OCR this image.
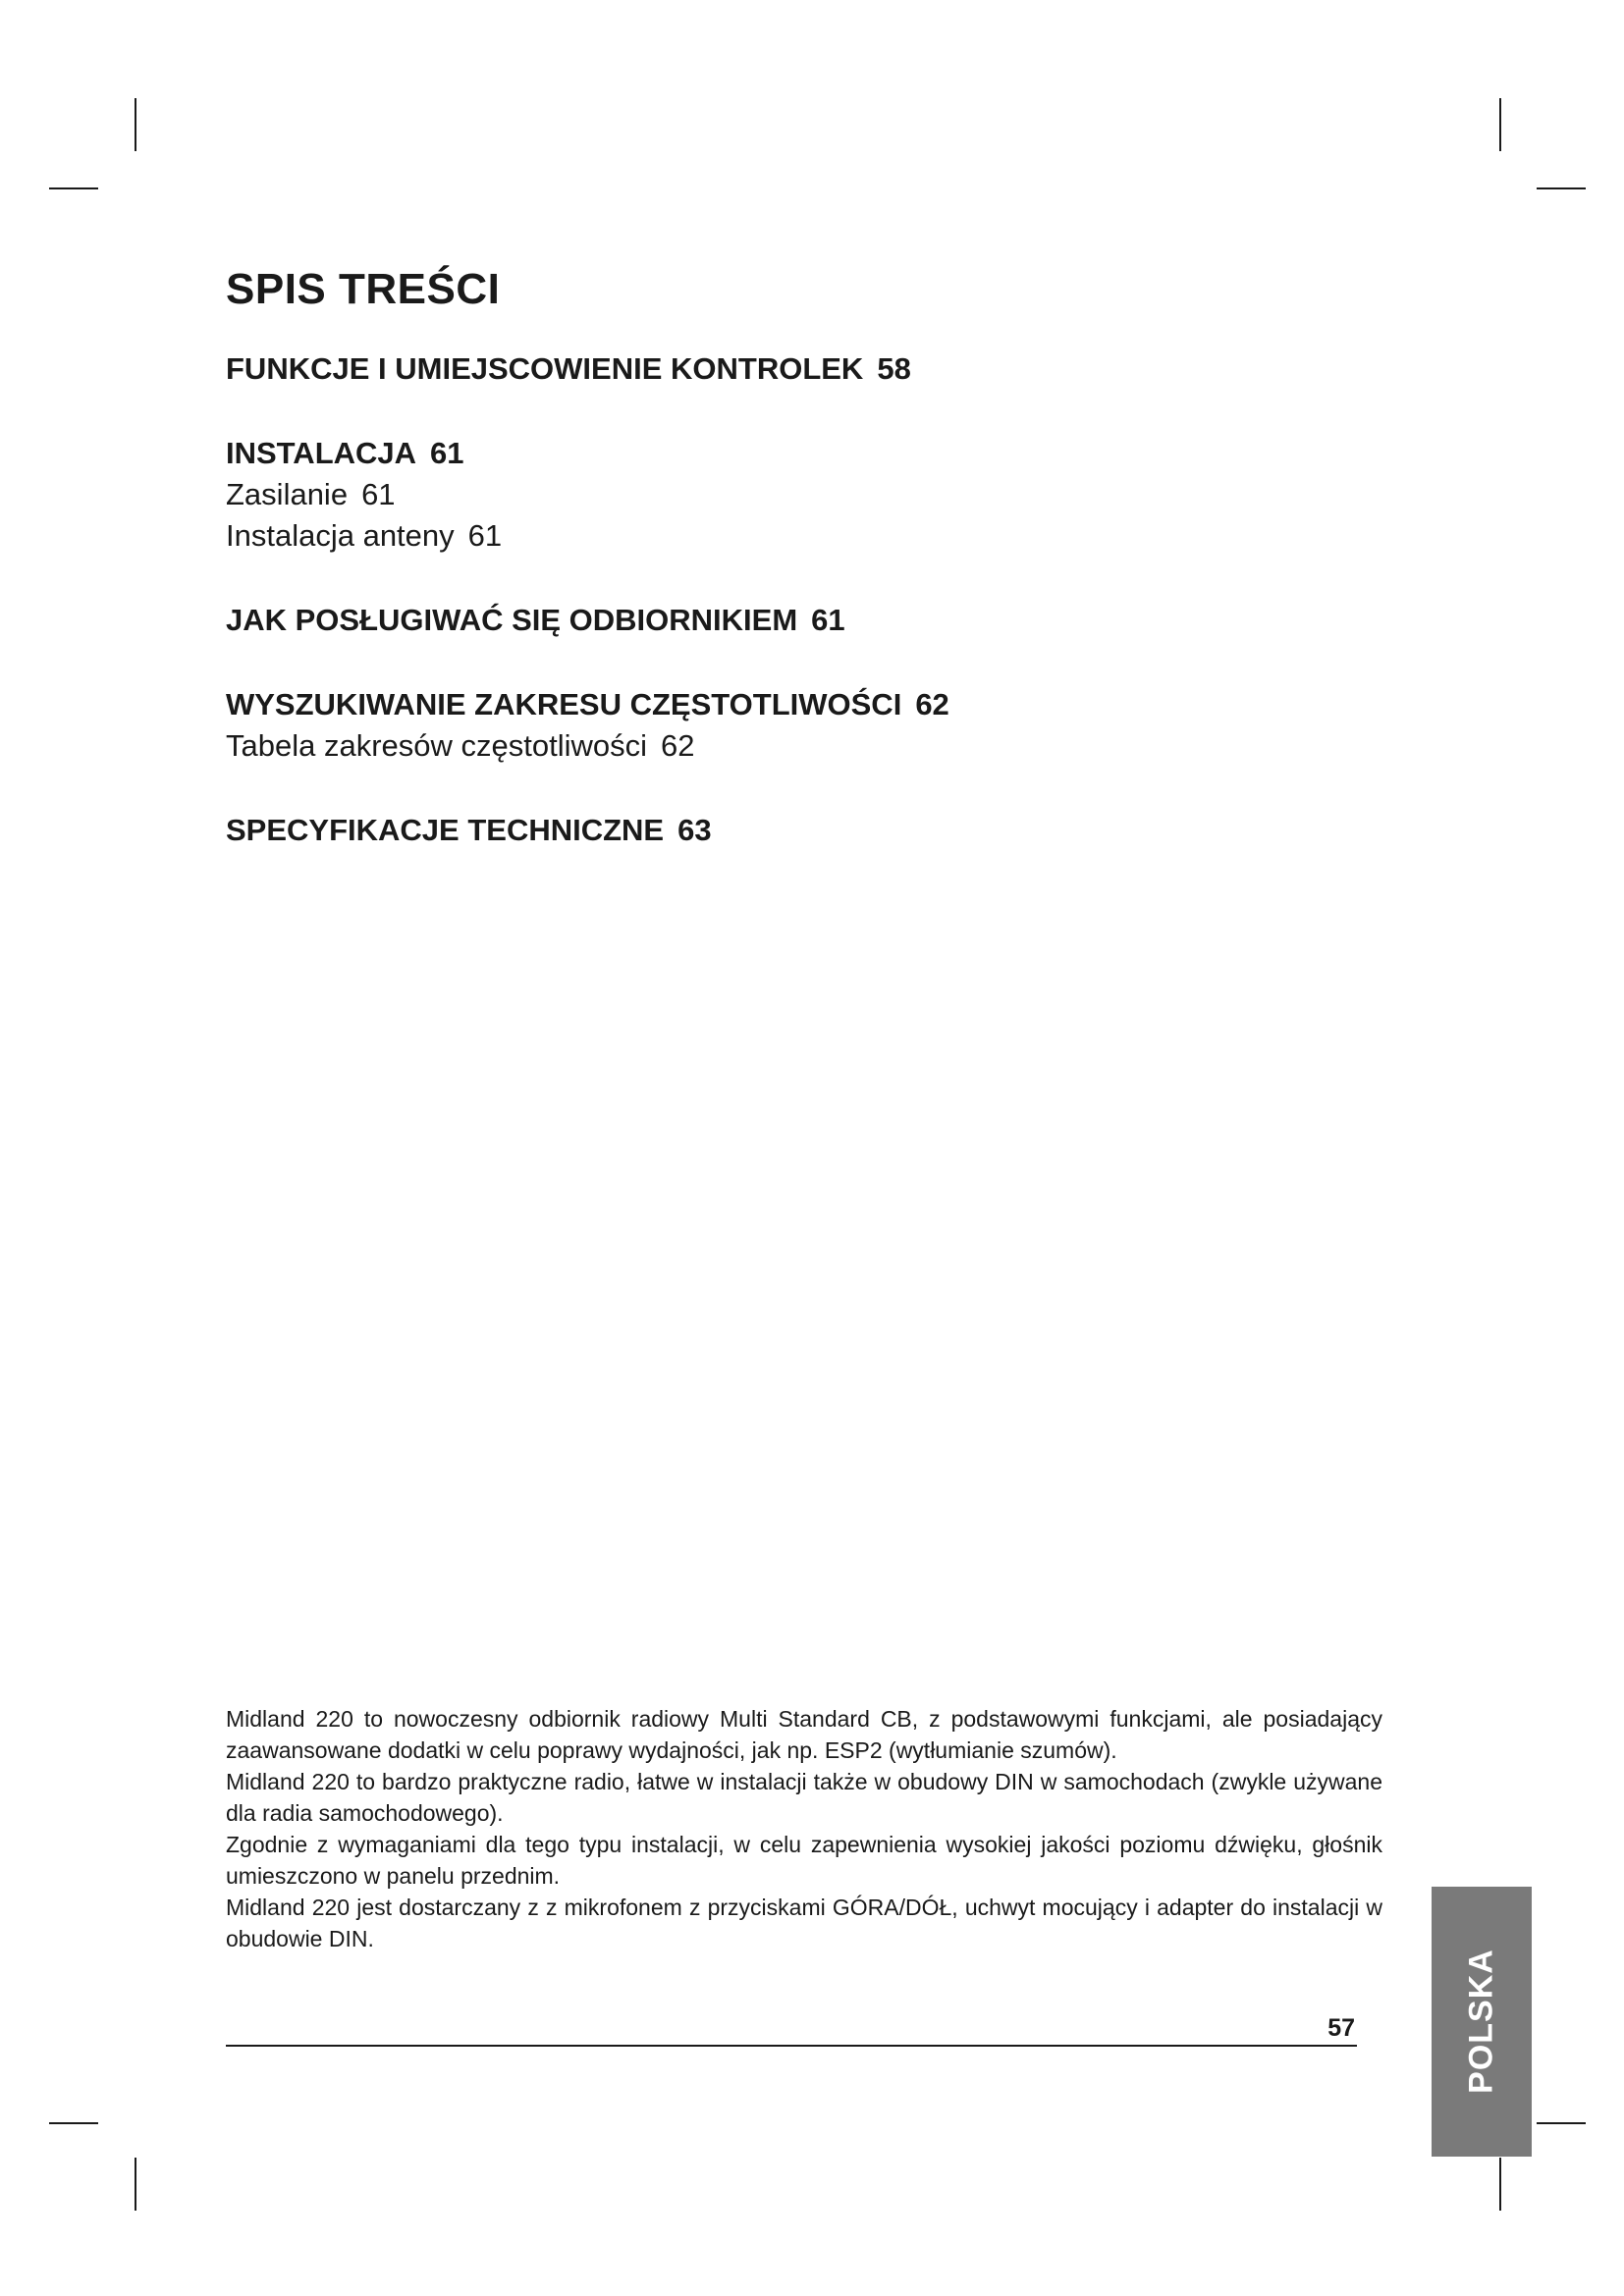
SPIS TREŚCI
FUNKCJE I UMIEJSCOWIENIE KONTROLEK 58
INSTALACJA 61
Zasilanie 61
Instalacja anteny 61
JAK POSŁUGIWAĆ SIĘ ODBIORNIKIEM 61
WYSZUKIWANIE ZAKRESU CZĘSTOTLIWOŚCI 62
Tabela zakresów częstotliwości 62
SPECYFIKACJE TECHNICZNE 63

Midland 220 to nowoczesny odbiornik radiowy Multi Standard CB, z podstawowymi funkcjami, ale posiadający zaawansowane dodatki w celu poprawy wydajności, jak np. ESP2 (wytłumianie szumów).

Midland 220 to bardzo praktyczne radio, łatwe w instalacji także w obudowy DIN w samochodach (zwykle używane dla radia samochodowego).

Zgodnie z wymaganiami dla tego typu instalacji, w celu zapewnienia wysokiej jakości poziomu dźwięku, głośnik umieszczono w panelu przednim.

Midland 220 jest dostarczany z z mikrofonem z przyciskami GÓRA/DÓŁ, uchwyt mocujący i adapter do instalacji w obudowie DIN.

57	POLSKA
